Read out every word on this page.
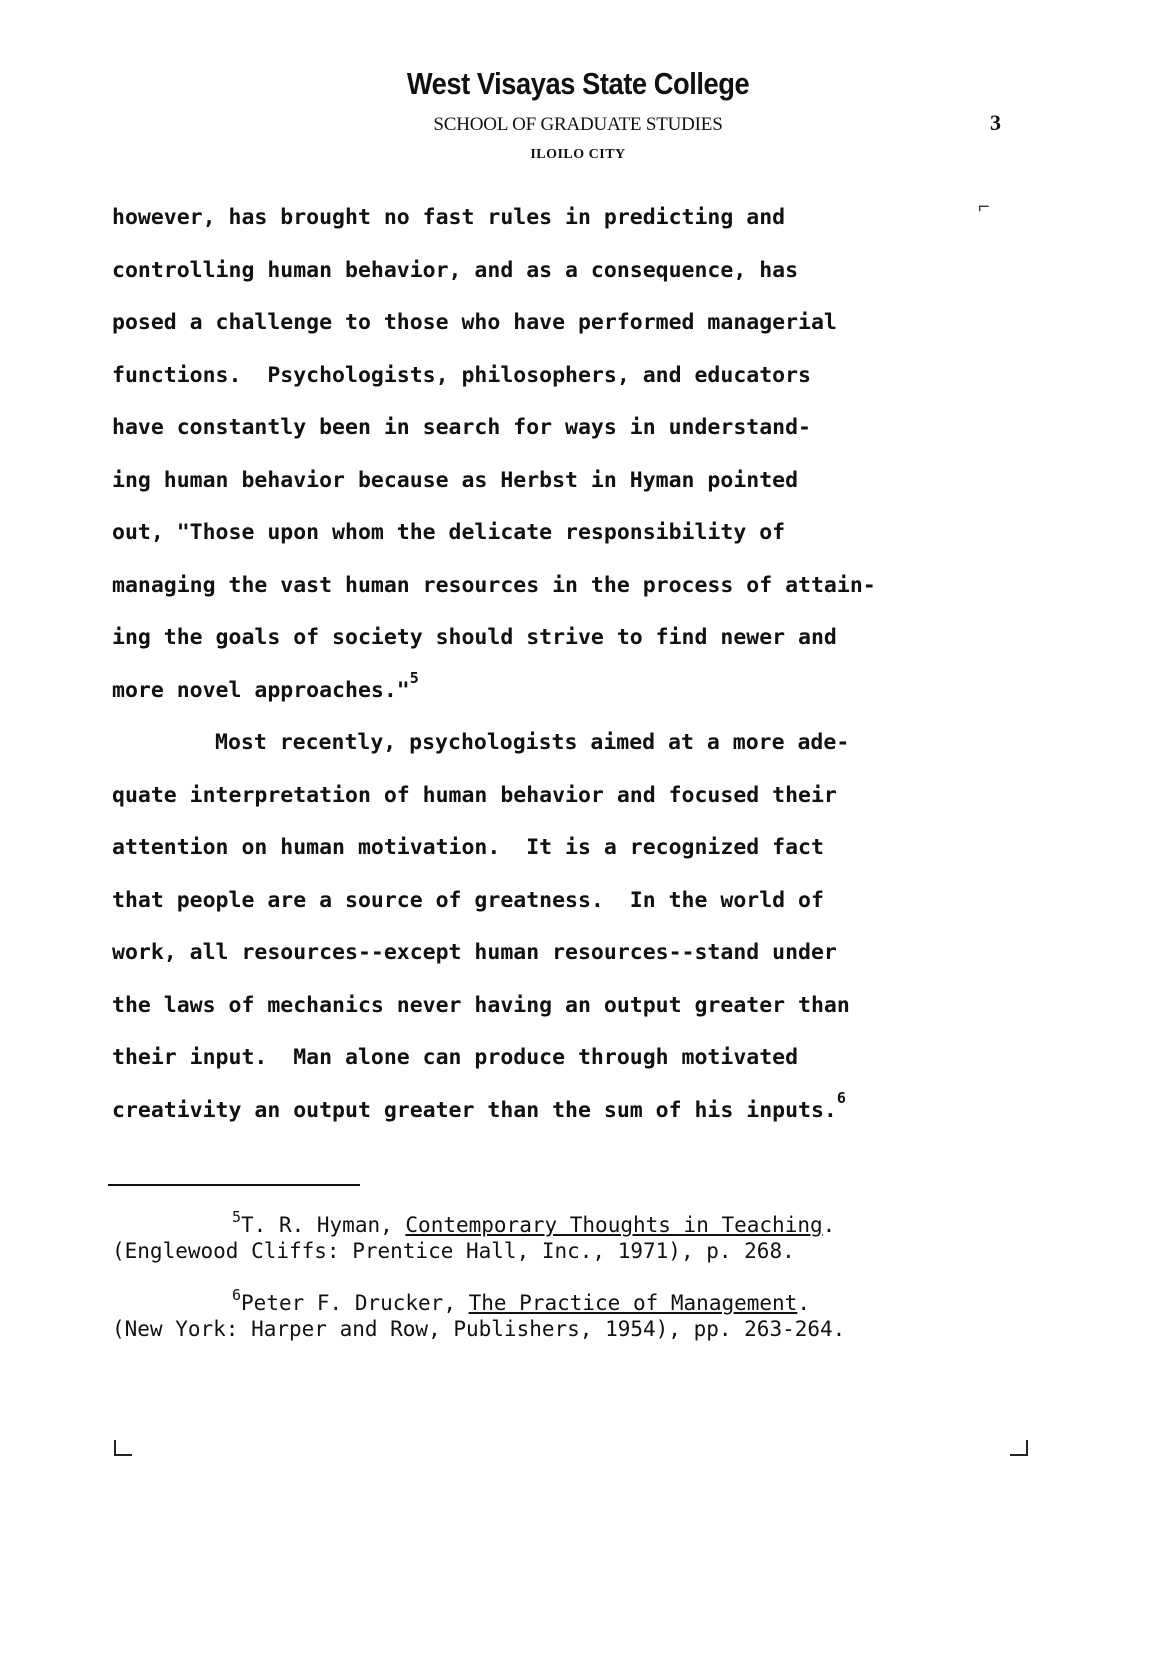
West Visayas State College
SCHOOL OF GRADUATE STUDIES
ILOILO CITY
3
⌐
however, has brought no fast rules in predicting and
controlling human behavior, and as a consequence, has
posed a challenge to those who have performed managerial
functions.  Psychologists, philosophers, and educators
have constantly been in search for ways in understand-
ing human behavior because as Herbst in Hyman pointed
out, "Those upon whom the delicate responsibility of
managing the vast human resources in the process of attain-
ing the goals of society should strive to find newer and
more novel approaches."$^5$
Most recently, psychologists aimed at a more ade-
quate interpretation of human behavior and focused their
attention on human motivation.  It is a recognized fact
that people are a source of greatness.  In the world of
work, all resources--except human resources--stand under
the laws of mechanics never having an output greater than
their input.  Man alone can produce through motivated
creativity an output greater than the sum of his inputs.$^6$
$^5$T. R. Hyman, Contemporary Thoughts in Teaching.
(Englewood Cliffs: Prentice Hall, Inc., 1971), p. 268.
$^6$Peter F. Drucker, The Practice of Management.
(New York: Harper and Row, Publishers, 1954), pp. 263-264.
